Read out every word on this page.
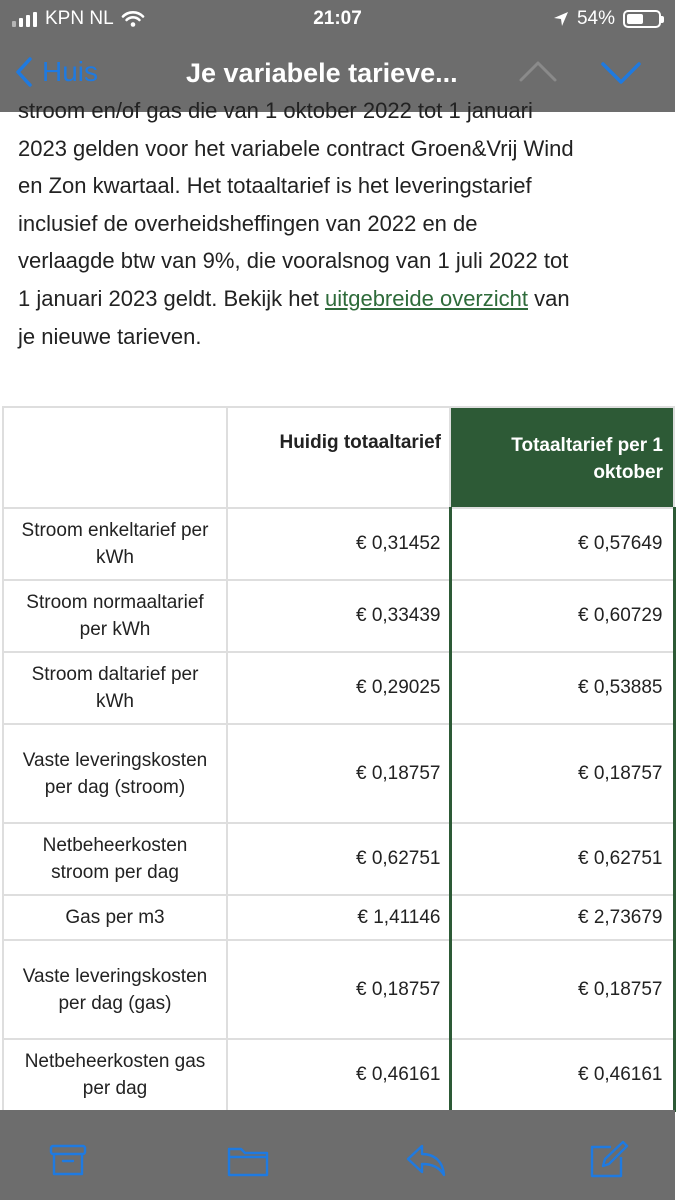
KPN NL	21:07	54%
Huis	Je variabele tarieve...
stroom en/of gas die van 1 oktober 2022 tot 1 januari
2023 gelden voor het variabele contract Groen&Vrij Wind
en Zon kwartaal. Het totaaltarief is het leveringstarief
inclusief de overheidsheffingen van 2022 en de
verlaagde btw van 9%, die vooralsnog van 1 juli 2022 tot
1 januari 2023 geldt. Bekijk het uitgebreide overzicht van
je nieuwe tarieven.
	Huidig totaaltarief	Totaaltarief per 1 oktober
Stroom enkeltarief per kWh	€ 0,31452	€ 0,57649
Stroom normaaltarief per kWh	€ 0,33439	€ 0,60729
Stroom daltarief per kWh	€ 0,29025	€ 0,53885
Vaste leveringskosten per dag (stroom)	€ 0,18757	€ 0,18757
Netbeheerkosten stroom per dag	€ 0,62751	€ 0,62751
Gas per m3	€ 1,41146	€ 2,73679
Vaste leveringskosten per dag (gas)	€ 0,18757	€ 0,18757
Netbeheerkosten gas per dag	€ 0,46161	€ 0,46161
